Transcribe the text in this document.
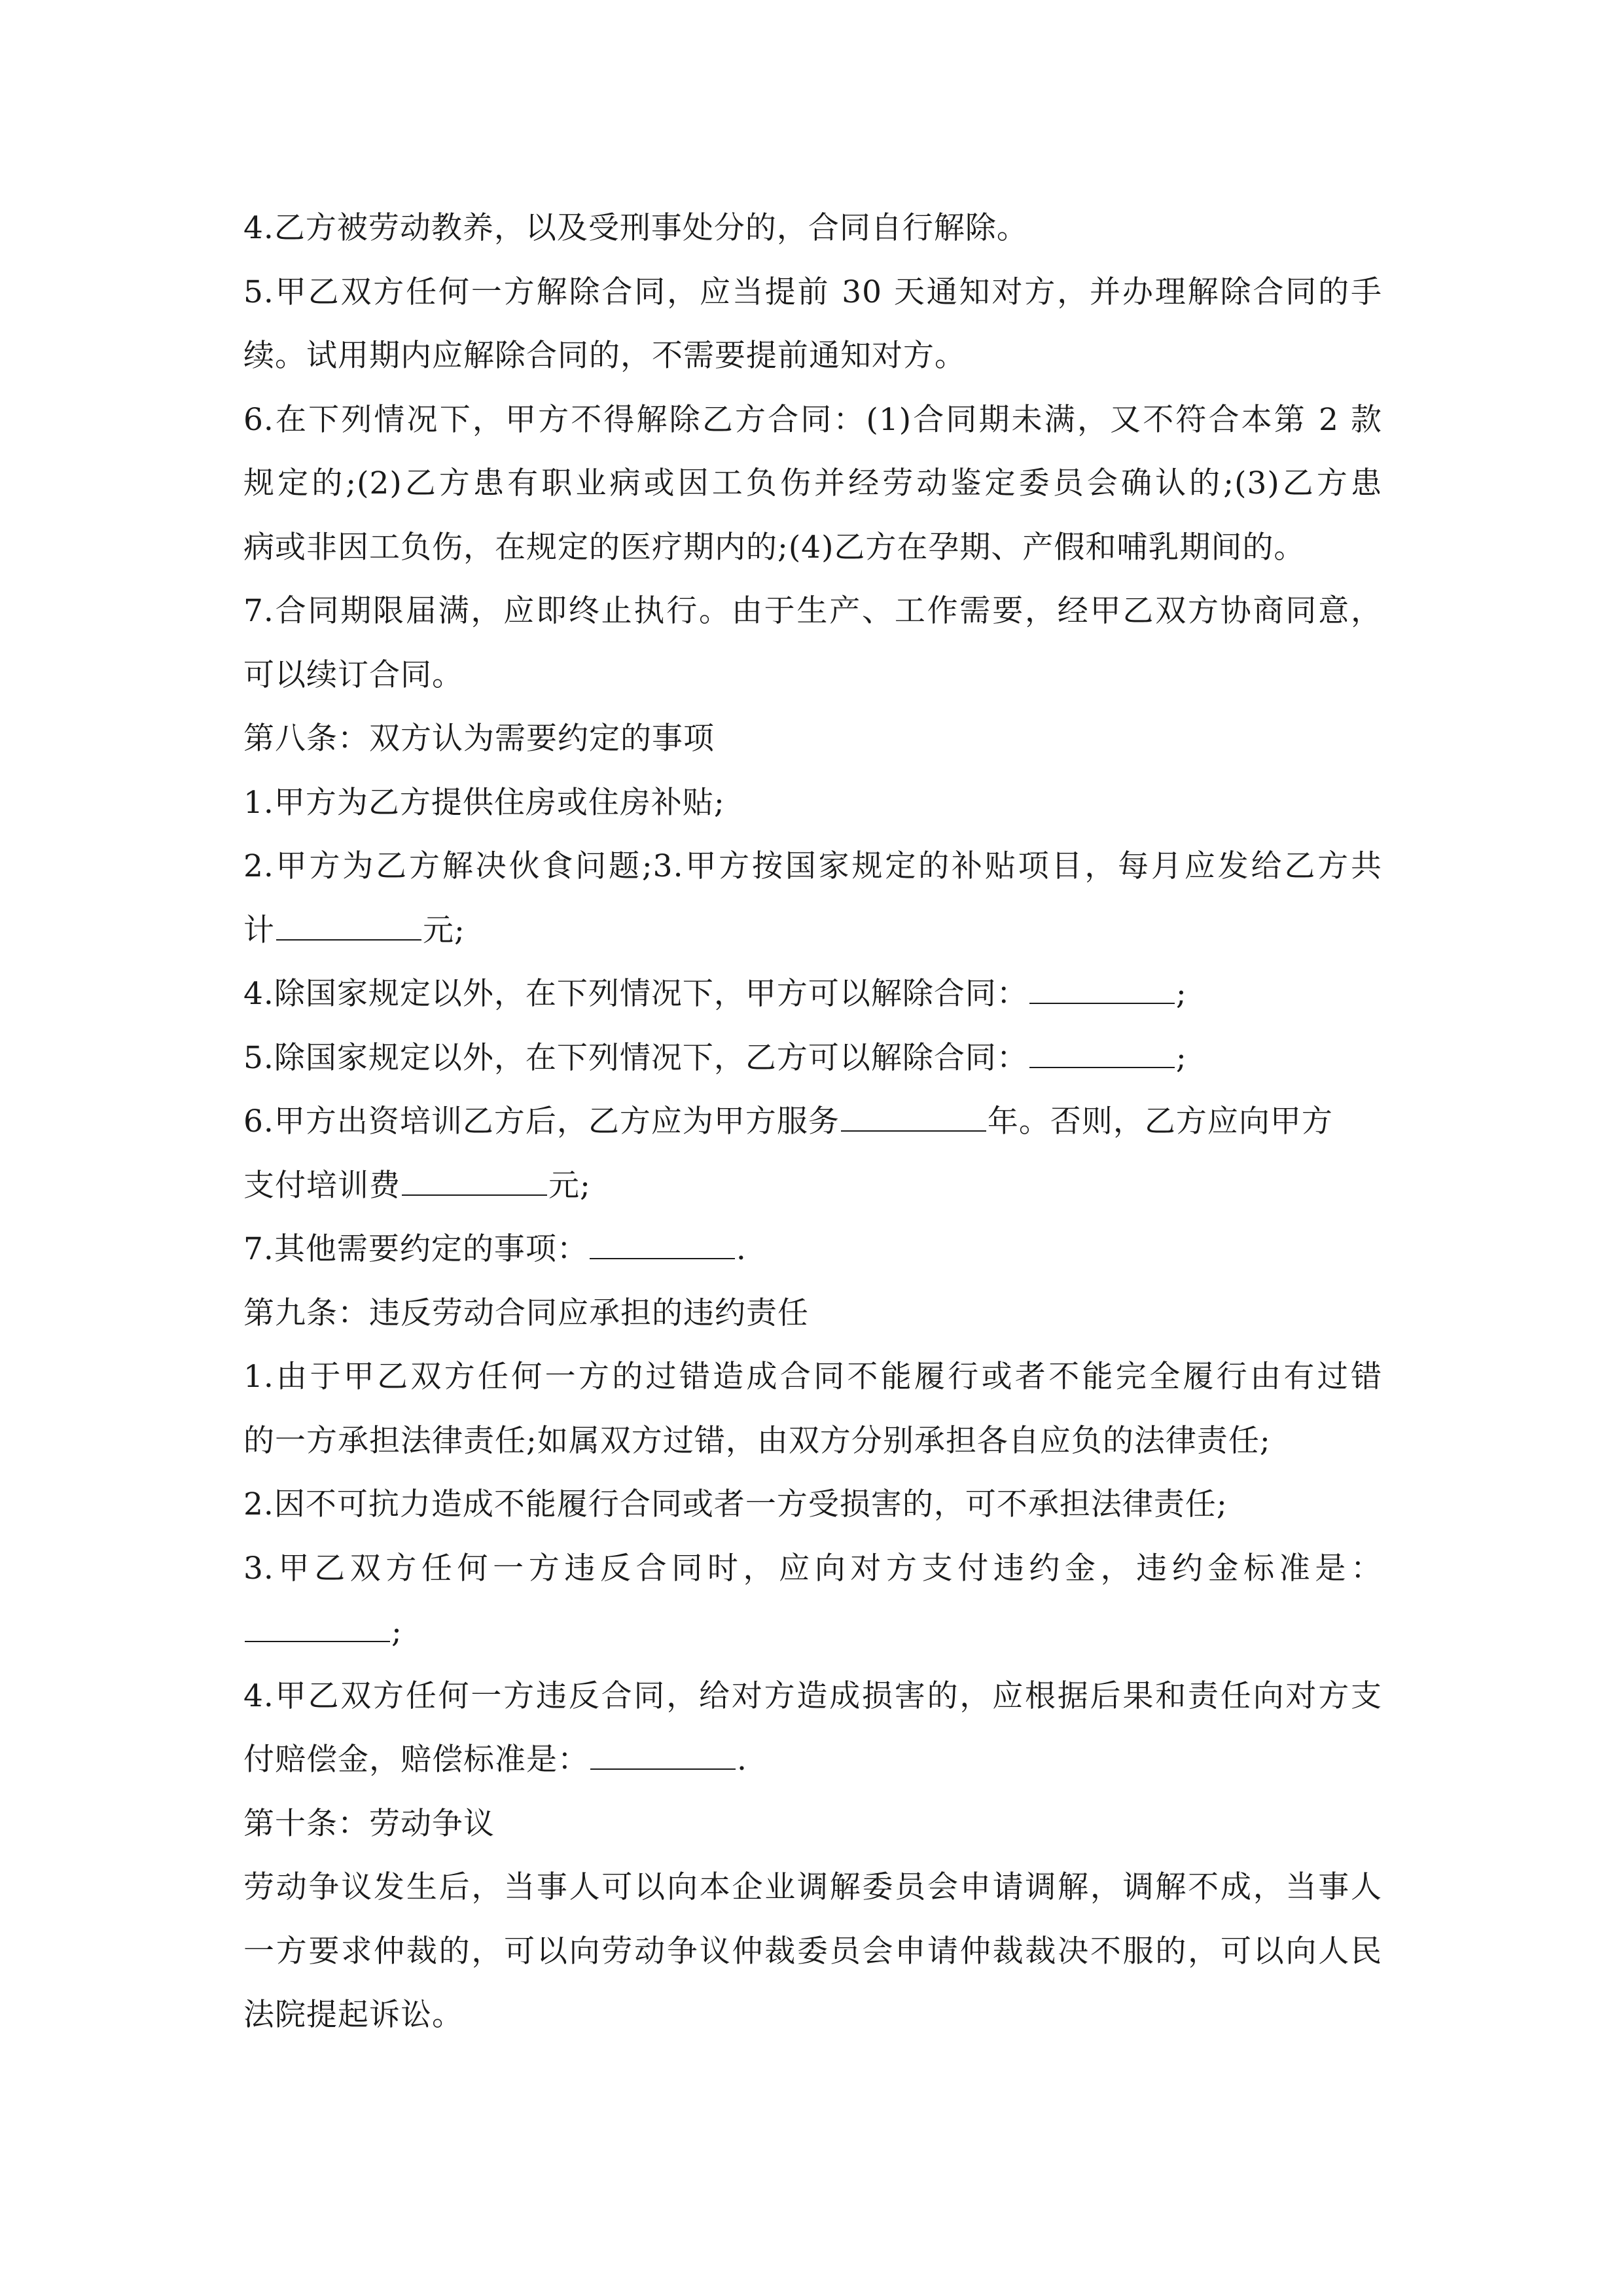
4.乙方被劳动教养，以及受刑事处分的，合同自行解除。
5.甲乙双方任何一方解除合同，应当提前 30 天通知对方，并办理解除合同的手
续。试用期内应解除合同的，不需要提前通知对方。
6.在下列情况下，甲方不得解除乙方合同：(1)合同期未满，又不符合本第 2 款
规定的;(2)乙方患有职业病或因工负伤并经劳动鉴定委员会确认的;(3)乙方患
病或非因工负伤，在规定的医疗期内的;(4)乙方在孕期、产假和哺乳期间的。
7.合同期限届满，应即终止执行。由于生产、工作需要，经甲乙双方协商同意，
可以续订合同。
第八条：双方认为需要约定的事项
1.甲方为乙方提供住房或住房补贴;
2.甲方为乙方解决伙食问题;3.甲方按国家规定的补贴项目，每月应发给乙方共
计	元;
4.除国家规定以外，在下列情况下，甲方可以解除合同：	;
5.除国家规定以外，在下列情况下，乙方可以解除合同：	;
6.甲方出资培训乙方后，乙方应为甲方服务	年。否则，乙方应向甲方
支付培训费	元;
7.其他需要约定的事项：	.
第九条：违反劳动合同应承担的违约责任
1.由于甲乙双方任何一方的过错造成合同不能履行或者不能完全履行由有过错
的一方承担法律责任;如属双方过错，由双方分别承担各自应负的法律责任;
2.因不可抗力造成不能履行合同或者一方受损害的，可不承担法律责任;
3.甲乙双方任何一方违反合同时，应向对方支付违约金，违约金标准是：
;
4.甲乙双方任何一方违反合同，给对方造成损害的，应根据后果和责任向对方支
付赔偿金，赔偿标准是：	.
第十条：劳动争议
劳动争议发生后，当事人可以向本企业调解委员会申请调解，调解不成，当事人
一方要求仲裁的，可以向劳动争议仲裁委员会申请仲裁裁决不服的，可以向人民
法院提起诉讼。
